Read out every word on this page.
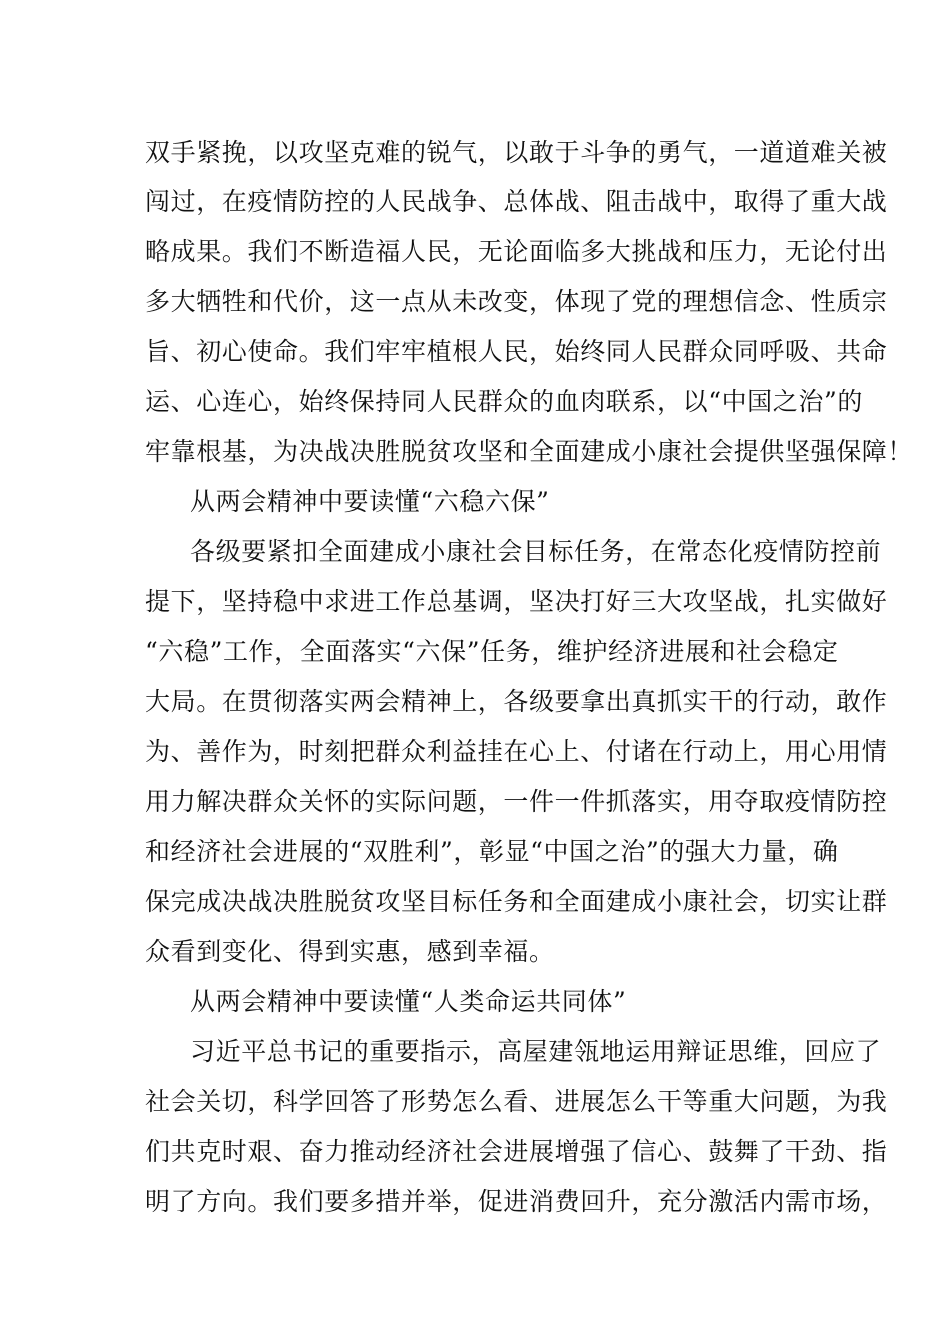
双手紧挽，以攻坚克难的锐气，以敢于斗争的勇气，一道道难关被
闯过，在疫情防控的人民战争、总体战、阻击战中，取得了重大战
略成果。我们不断造福人民，无论面临多大挑战和压力，无论付出
多大牺牲和代价，这一点从未改变，体现了党的理想信念、性质宗
旨、初心使命。我们牢牢植根人民，始终同人民群众同呼吸、共命
运、心连心，始终保持同人民群众的血肉联系，以“中国之治”的
牢靠根基，为决战决胜脱贫攻坚和全面建成小康社会提供坚强保障！
从两会精神中要读懂“六稳六保”
各级要紧扣全面建成小康社会目标任务，在常态化疫情防控前
提下，坚持稳中求进工作总基调，坚决打好三大攻坚战，扎实做好
“六稳”工作，全面落实“六保”任务，维护经济进展和社会稳定
大局。在贯彻落实两会精神上，各级要拿出真抓实干的行动，敢作
为、善作为，时刻把群众利益挂在心上、付诸在行动上，用心用情
用力解决群众关怀的实际问题，一件一件抓落实，用夺取疫情防控
和经济社会进展的“双胜利”，彰显“中国之治”的强大力量，确
保完成决战决胜脱贫攻坚目标任务和全面建成小康社会，切实让群
众看到变化、得到实惠，感到幸福。
从两会精神中要读懂“人类命运共同体”
习近平总书记的重要指示，高屋建瓴地运用辩证思维，回应了
社会关切，科学回答了形势怎么看、进展怎么干等重大问题，为我
们共克时艰、奋力推动经济社会进展增强了信心、鼓舞了干劲、指
明了方向。我们要多措并举，促进消费回升，充分激活内需市场，
